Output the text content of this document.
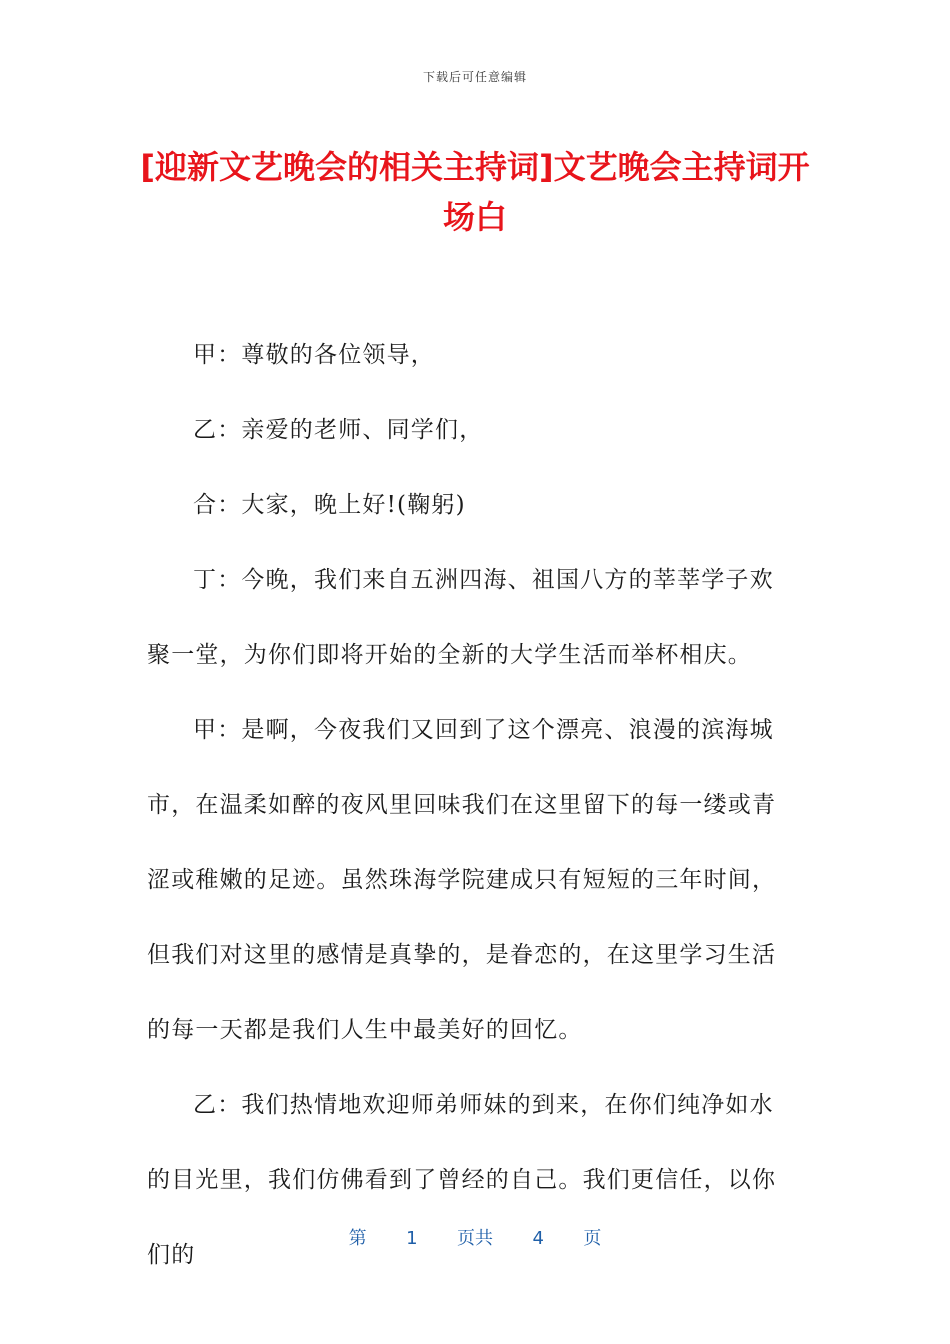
下载后可任意编辑
[迎新文艺晚会的相关主持词]文艺晚会主持词开场白

甲：尊敬的各位领导，

乙：亲爱的老师、同学们，

合：大家，晚上好!(鞠躬)

丁：今晚，我们来自五洲四海、祖国八方的莘莘学子欢聚一堂，为你们即将开始的全新的大学生活而举杯相庆。

甲：是啊，今夜我们又回到了这个漂亮、浪漫的滨海城市，在温柔如醉的夜风里回味我们在这里留下的每一缕或青涩或稚嫩的足迹。虽然珠海学院建成只有短短的三年时间，但我们对这里的感情是真挚的，是眷恋的，在这里学习生活的每一天都是我们人生中最美好的回忆。

乙：我们热情地欢迎师弟师妹的到来，在你们纯净如水的目光里，我们仿佛看到了曾经的自己。我们更信任，以你们的

第 1 页共 4 页
